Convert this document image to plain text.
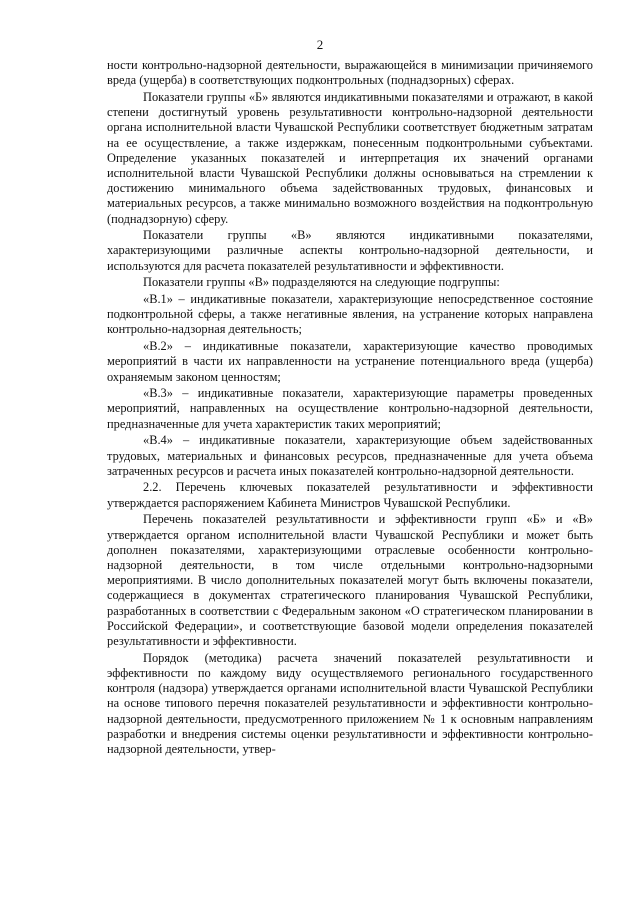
2

ности контрольно-надзорной деятельности, выражающейся в минимизации причиняемого вреда (ущерба) в соответствующих подконтрольных (поднадзорных) сферах.

Показатели группы «Б» являются индикативными показателями и отражают, в какой степени достигнутый уровень результативности контрольно-надзорной деятельности органа исполнительной власти Чувашской Республики соответствует бюджетным затратам на ее осуществление, а также издержкам, понесенным подконтрольными субъектами. Определение указанных показателей и интерпретация их значений органами исполнительной власти Чувашской Республики должны основываться на стремлении к достижению минимального объема задействованных трудовых, финансовых и материальных ресурсов, а также минимально возможного воздействия на подконтрольную (поднадзорную) сферу.

Показатели группы «В» являются индикативными показателями, характеризующими различные аспекты контрольно-надзорной деятельности, и используются для расчета показателей результативности и эффективности.

Показатели группы «В» подразделяются на следующие подгруппы:

«В.1» – индикативные показатели, характеризующие непосредственное состояние подконтрольной сферы, а также негативные явления, на устранение которых направлена контрольно-надзорная деятельность;

«В.2» – индикативные показатели, характеризующие качество проводимых мероприятий в части их направленности на устранение потенциального вреда (ущерба) охраняемым законом ценностям;

«В.3» – индикативные показатели, характеризующие параметры проведенных мероприятий, направленных на осуществление контрольно-надзорной деятельности, предназначенные для учета характеристик таких мероприятий;

«В.4» – индикативные показатели, характеризующие объем задействованных трудовых, материальных и финансовых ресурсов, предназначенные для учета объема затраченных ресурсов и расчета иных показателей контрольно-надзорной деятельности.

2.2. Перечень ключевых показателей результативности и эффективности утверждается распоряжением Кабинета Министров Чувашской Республики.

Перечень показателей результативности и эффективности групп «Б» и «В» утверждается органом исполнительной власти Чувашской Республики и может быть дополнен показателями, характеризующими отраслевые особенности контрольно-надзорной деятельности, в том числе отдельными контрольно-надзорными мероприятиями. В число дополнительных показателей могут быть включены показатели, содержащиеся в документах стратегического планирования Чувашской Республики, разработанных в соответствии с Федеральным законом «О стратегическом планировании в Российской Федерации», и соответствующие базовой модели определения показателей результативности и эффективности.

Порядок (методика) расчета значений показателей результативности и эффективности по каждому виду осуществляемого регионального государственного контроля (надзора) утверждается органами исполнительной власти Чувашской Республики на основе типового перечня показателей результативности и эффективности контрольно-надзорной деятельности, предусмотренного приложением № 1 к основным направлениям разработки и внедрения системы оценки результативности и эффективности контрольно-надзорной деятельности, утвер-
